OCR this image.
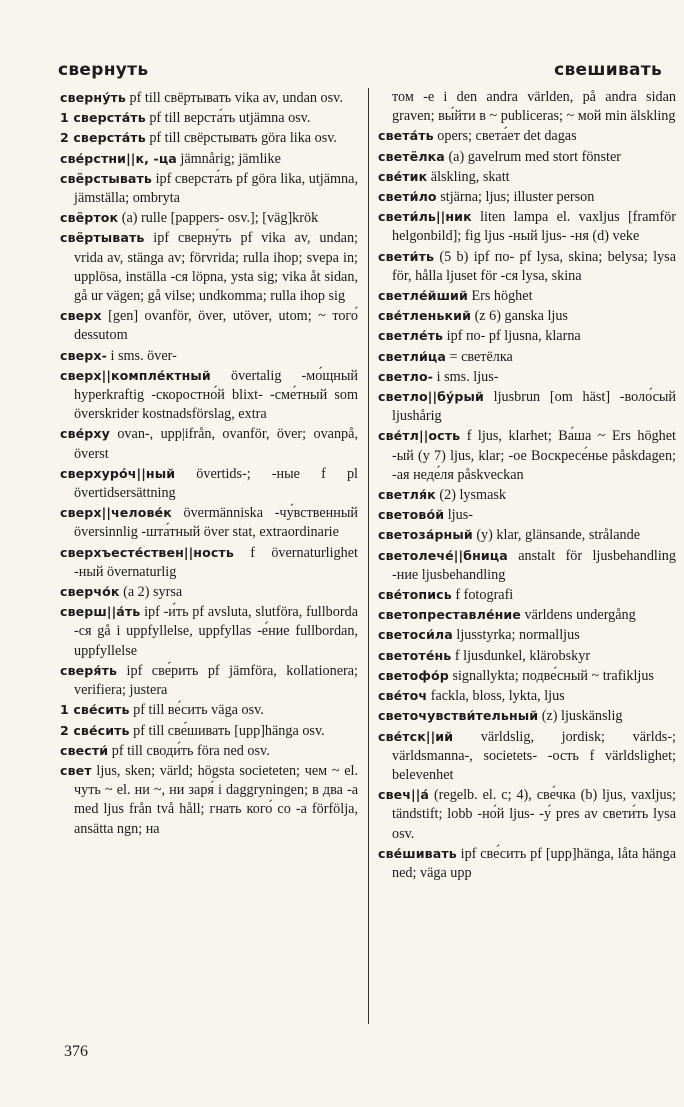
свернуть	свешивать

сверну́ть pf till свёртывать vika av, undan osv.

1 сверста́ть pf till верста́ть utjämna osv.

2 сверста́ть pf till свёрстывать göra lika osv.

све́рстни||к, -ца jämnårig; jämlike

свёрстывать ipf сверста́ть pf göra lika, utjämna, jämställa; ombryta

свёрток (a) rulle [pappers- osv.]; [väg]krök

свёртывать ipf сверну́ть pf vika av, undan; vrida av, stänga av; förvrida; rulla ihop; svepa in; upplösa, inställa -ся löpna, ysta sig; vika åt sidan, gå ur vägen; gå vilse; undkomma; rulla ihop sig

сверх [gen] ovanför, över, utöver, utom; ~ того́ dessutom

сверх- i sms. över-

сверх||компле́ктный övertalig -мо́щный hyperkraftig -скоростно́й blixt- -сме́тный som överskrider kostnadsförslag, extra

све́рху ovan-, upp|ifrån, ovanför, över; ovanpå, överst

сверхуро́ч||ный övertids-; -ные f pl övertidsersättning

сверх||челове́к övermänniska -чу́вственный översinnlig -шта́тный över stat, extraordinarie

сверхъесте́ствен||ность f övernaturlighet -ный övernaturlig

сверчо́к (a 2) syrsa

сверш||а́ть ipf -и́ть pf avsluta, slutföra, fullborda -ся gå i uppfyllelse, uppfyllas -е́ние fullbordan, uppfyllelse

сверя́ть ipf све́рить pf jämföra, kollationera; verifiera; justera

1 све́сить pf till ве́сить väga osv.

2 све́сить pf till све́шивать [upp]hänga osv.

свести́ pf till своди́ть föra ned osv.

свет ljus, sken; värld; högsta societeten; чем ~ el. чуть ~ el. ни ~, ни заря́ i daggryningen; в два -а med ljus från två håll; гнать кого́ со -а förfölja, ansätta ngn; на

том -е i den andra världen, på andra sidan graven; вы́йти в ~ publiceras; ~ мой min älskling

света́ть opers; света́ет det dagas

светёлка (a) gavelrum med stort fönster

све́тик älskling, skatt

свети́ло stjärna; ljus; illuster person

свети́ль||ник liten lampa el. vaxljus [framför helgonbild]; fig ljus -ный ljus- -ня (d) veke

свети́ть (5 b) ipf по- pf lysa, skina; belysa; lysa för, hålla ljuset för -ся lysa, skina

светле́йший Ers höghet

све́тленький (z 6) ganska ljus

светле́ть ipf по- pf ljusna, klarna

светли́ца = светёлка

светло- i sms. ljus-

светло||бу́рый ljusbrun [om häst] -воло́сый ljushårig

све́тл||ость f ljus, klarhet; Ва́ша ~ Ers höghet -ый (y 7) ljus, klar; -ое Воскресе́нье påskdagen; -ая неде́ля påskveckan

светля́к (2) lysmask

светово́й ljus-

светоза́рный (y) klar, glänsande, strålande

светолече́||бница anstalt för ljusbehandling -ние ljusbehandling

све́топись f fotografi

светопреставле́ние världens undergång

светоси́ла ljusstyrka; normalljus

светоте́нь f ljusdunkel, klärobskyr

светофо́р signallykta; подве́сный ~ trafikljus

све́точ fackla, bloss, lykta, ljus

светочувстви́тельный (z) ljuskänslig

све́тск||ий världslig, jordisk; världs-; världsmanna-, societets- -ость f världslighet; belevenhet

свеч||а́ (regelb. el. c; 4), све́чка (b) ljus, vaxljus; tändstift; lobb -но́й ljus- -у́ pres av свети́ть lysa osv.

све́шивать ipf све́сить pf [upp]hänga, låta hänga ned; väga upp

376
